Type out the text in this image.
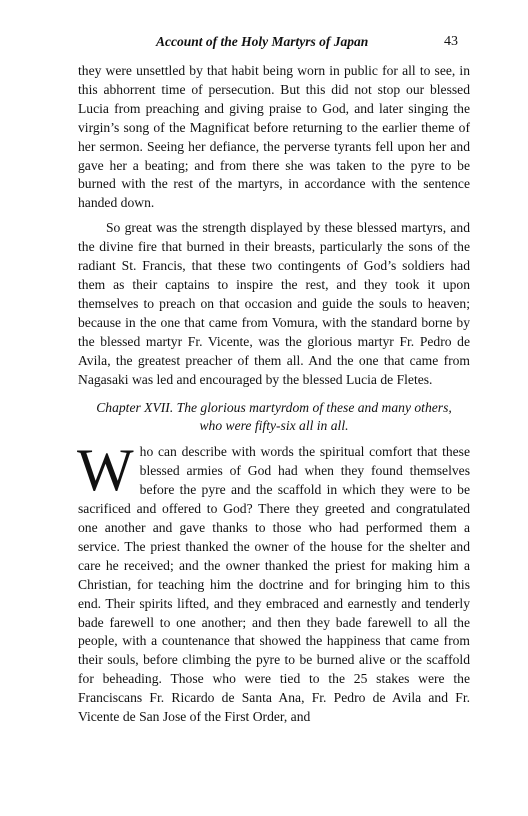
Account of the Holy Martyrs of Japan	43

they were unsettled by that habit being worn in public for all to see, in this abhorrent time of persecution. But this did not stop our blessed Lucia from preaching and giving praise to God, and later singing the virgin’s song of the Magnificat before returning to the earlier theme of her sermon. Seeing her defiance, the perverse tyrants fell upon her and gave her a beating; and from there she was taken to the pyre to be burned with the rest of the martyrs, in accordance with the sentence handed down.

So great was the strength displayed by these blessed martyrs, and the divine fire that burned in their breasts, particularly the sons of the radiant St. Francis, that these two contingents of God’s soldiers had them as their captains to inspire the rest, and they took it upon themselves to preach on that occasion and guide the souls to heaven; because in the one that came from Vomura, with the standard borne by the blessed martyr Fr. Vicente, was the glorious martyr Fr. Pedro de Avila, the greatest preacher of them all. And the one that came from Nagasaki was led and encouraged by the blessed Lucia de Fletes.

Chapter XVII. The glorious martyrdom of these and many others, who were fifty-six all in all.

Who can describe with words the spiritual comfort that these blessed armies of God had when they found themselves before the pyre and the scaffold in which they were to be sacrificed and offered to God? There they greeted and congratulated one another and gave thanks to those who had performed them a service. The priest thanked the owner of the house for the shelter and care he received; and the owner thanked the priest for making him a Christian, for teaching him the doctrine and for bringing him to this end. Their spirits lifted, and they embraced and earnestly and tenderly bade farewell to one another; and then they bade farewell to all the people, with a countenance that showed the happiness that came from their souls, before climbing the pyre to be burned alive or the scaffold for beheading. Those who were tied to the 25 stakes were the Franciscans Fr. Ricardo de Santa Ana, Fr. Pedro de Avila and Fr. Vicente de San Jose of the First Order, and
